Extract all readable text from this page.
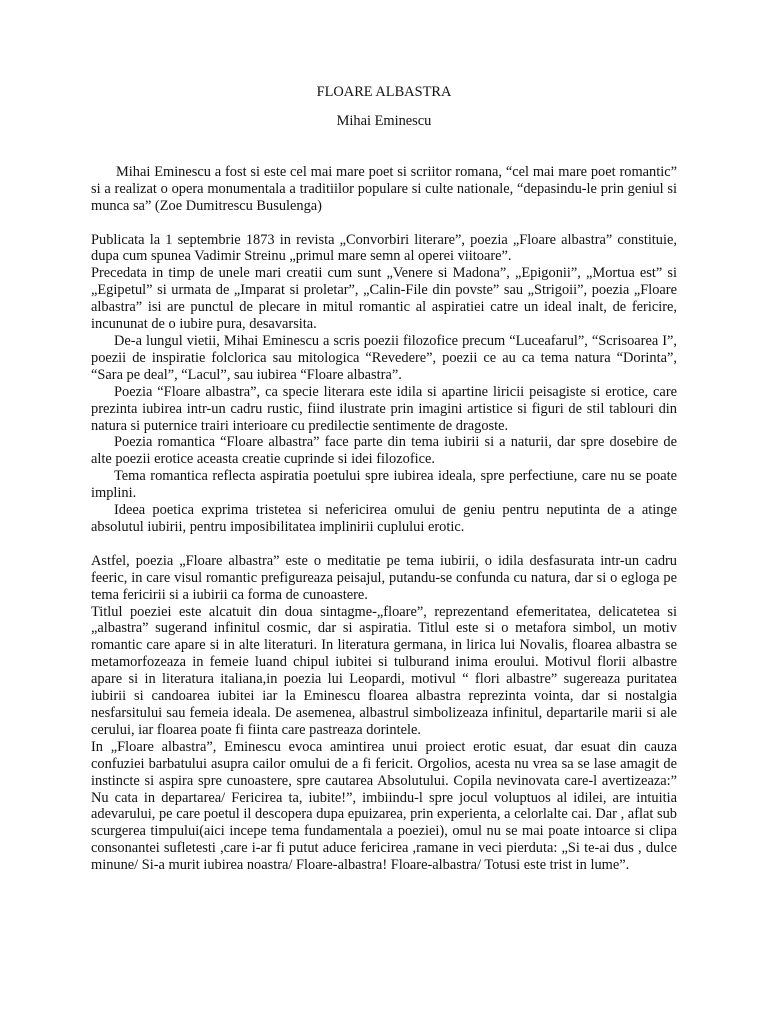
FLOARE ALBASTRA
Mihai Eminescu

Mihai Eminescu a fost si este cel mai mare poet si scriitor romana, “cel mai mare poet romantic” si a realizat o opera monumentala a traditiilor populare si culte nationale, “depasindu-le prin geniul si munca sa” (Zoe Dumitrescu Busulenga)

Publicata la 1 septembrie 1873 in revista „Convorbiri literare”, poezia „Floare albastra” constituie, dupa cum spunea Vadimir Streinu „primul mare semn al operei viitoare”.

Precedata in timp de unele mari creatii cum sunt „Venere si Madona”, „Epigonii”, „Mortua est” si „Egipetul” si urmata de „Imparat si proletar”, „Calin-File din povste” sau „Strigoii”, poezia „Floare albastra” isi are punctul de plecare in mitul romantic al aspiratiei catre un ideal inalt, de fericire, incununat de o iubire pura, desavarsita.

De-a lungul vietii, Mihai Eminescu a scris poezii filozofice precum “Luceafarul”, “Scrisoarea I”, poezii de inspiratie folclorica sau mitologica “Revedere”, poezii ce au ca tema natura “Dorinta”, “Sara pe deal”, “Lacul”, sau iubirea “Floare albastra”.

Poezia “Floare albastra”, ca specie literara este idila si apartine liricii peisagiste si erotice, care prezinta iubirea intr-un cadru rustic, fiind ilustrate prin imagini artistice si figuri de stil tablouri din natura si puternice trairi interioare cu predilectie sentimente de dragoste.

Poezia romantica “Floare albastra” face parte din tema iubirii si a naturii, dar spre dosebire de alte poezii erotice aceasta creatie cuprinde si idei filozofice.

Tema romantica reflecta aspiratia poetului spre iubirea ideala, spre perfectiune, care nu se poate implini.

Ideea poetica exprima tristetea si nefericirea omului de geniu pentru neputinta de a atinge absolutul iubirii, pentru imposibilitatea implinirii cuplului erotic.

Astfel, poezia „Floare albastra” este o meditatie pe tema iubirii, o idila desfasurata intr-un cadru feeric, in care visul romantic prefigureaza peisajul, putandu-se confunda cu natura, dar si o egloga pe tema fericirii si a iubirii ca forma de cunoastere.

Titlul poeziei este alcatuit din doua sintagme-„floare”, reprezentand efemeritatea, delicatetea si „albastra” sugerand infinitul cosmic, dar si aspiratia. Titlul este si o metafora simbol, un motiv romantic care apare si in alte literaturi. In literatura germana, in lirica lui Novalis, floarea albastra se metamorfozeaza in femeie luand chipul iubitei si tulburand inima eroului. Motivul florii albastre apare si in literatura italiana,in poezia lui Leopardi, motivul “ flori albastre” sugereaza puritatea iubirii si candoarea iubitei iar la Eminescu floarea albastra reprezinta vointa, dar si nostalgia nesfarsitului sau femeia ideala. De asemenea, albastrul simbolizeaza infinitul, departarile marii si ale cerului, iar floarea poate fi fiinta care pastreaza dorintele.

In „Floare albastra”, Eminescu evoca amintirea unui proiect erotic esuat, dar esuat din cauza confuziei barbatului asupra cailor omului de a fi fericit. Orgolios, acesta nu vrea sa se lase amagit de instincte si aspira spre cunoastere, spre cautarea Absolutului. Copila nevinovata care-l avertizeaza:” Nu cata in departarea/ Fericirea ta, iubite!”, imbiindu-l spre jocul voluptuos al idilei, are intuitia adevarului, pe care poetul il descopera dupa epuizarea, prin experienta, a celorlalte cai. Dar , aflat sub scurgerea timpului(aici incepe tema fundamentala a poeziei), omul nu se mai poate intoarce si clipa consonantei sufletesti ,care i-ar fi putut aduce fericirea ,ramane in veci pierduta: „Si te-ai dus , dulce minune/ Si-a murit iubirea noastra/ Floare-albastra! Floare-albastra/ Totusi este trist in lume”.
